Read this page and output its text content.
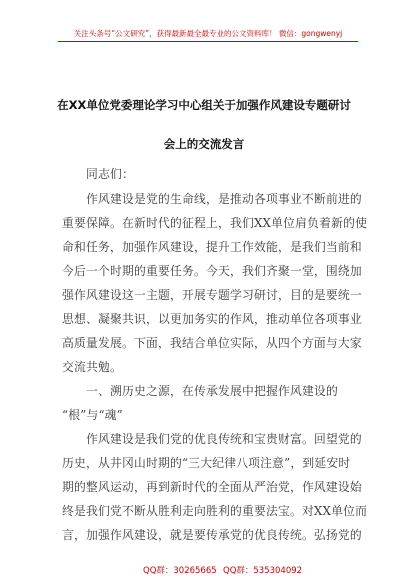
关注头条号“公文研究”，获得最新最全最专业的公文资料库！ 微信：gongwenyj
在XX单位党委理论学习中心组关于加强作风建设专题研讨
会上的交流发言
同志们：
作风建设是党的生命线，是推动各项事业不断前进的
重要保障。在新时代的征程上，我们XX单位肩负着新的使
命和任务，加强作风建设，提升工作效能，是我们当前和
今后一个时期的重要任务。今天，我们齐聚一堂，围绕加
强作风建设这一主题，开展专题学习研讨，目的是要统一
思想、凝聚共识，以更加务实的作风，推动单位各项事业
高质量发展。下面，我结合单位实际，从四个方面与大家
交流共勉。
一、溯历史之源，在传承发展中把握作风建设的
“根”与“魂”
作风建设是我们党的优良传统和宝贵财富。回望党的
历史，从井冈山时期的“三大纪律八项注意”，到延安时
期的整风运动，再到新时代的全面从严治党，作风建设始
终是我们党不断从胜利走向胜利的重要法宝。对XX单位而
言，加强作风建设，就是要传承党的优良传统。弘扬党的
QQ群：30265665 QQ群：535304092
